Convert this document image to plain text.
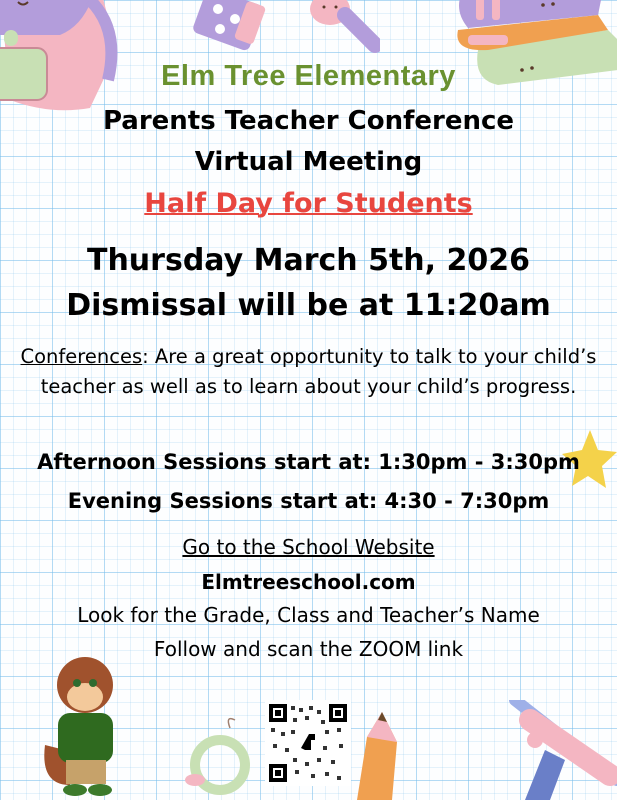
Elm Tree Elementary
Parents Teacher Conference
Virtual Meeting
Half Day for Students
Thursday March 5th, 2026
Dismissal will be at 11:20am
Conferences: Are a great opportunity to talk to your child’s teacher as well as to learn about your child’s progress.
Afternoon Sessions start at: 1:30pm - 3:30pm
Evening Sessions start at: 4:30 - 7:30pm
Go to the School Website
Elmtreeschool.com
Look for the Grade, Class and Teacher’s Name
Follow and scan the ZOOM link
